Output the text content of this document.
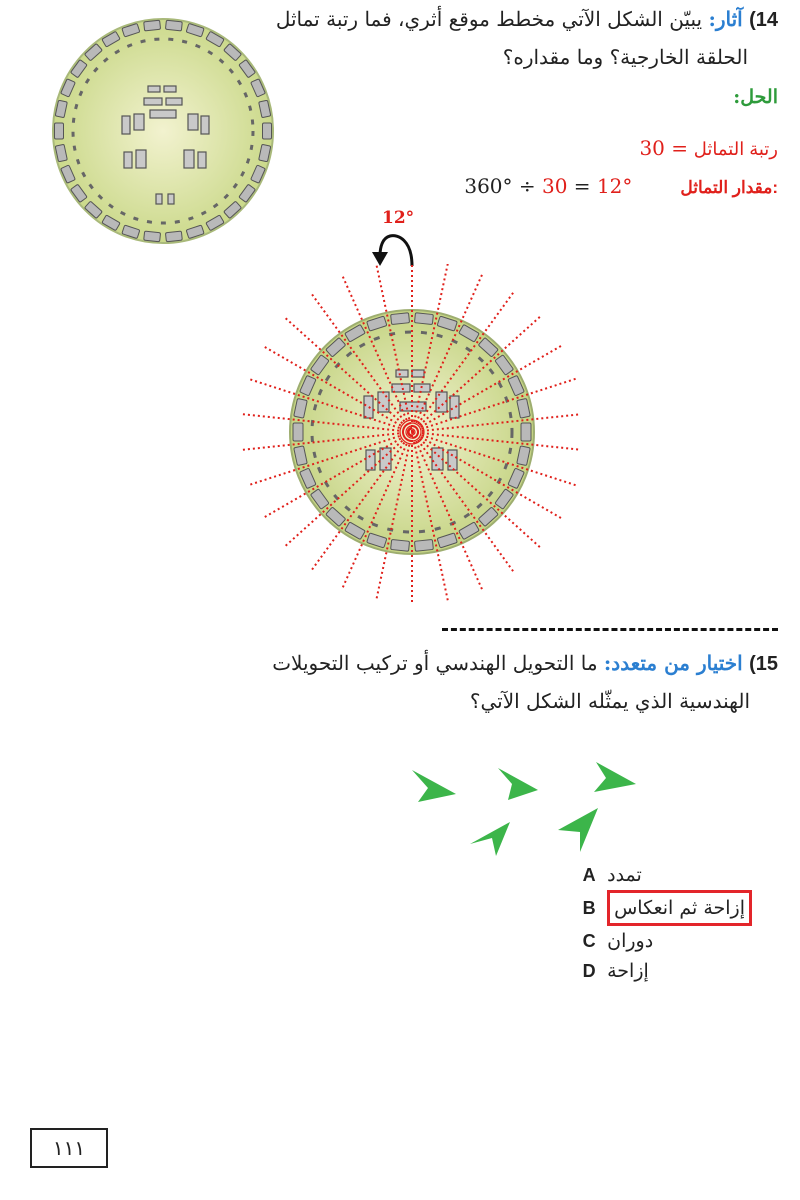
14) آثار: يبيّن الشكل الآتي مخطط موقع أثري، فما رتبة تماثل
الحلقة الخارجية؟ وما مقداره؟
الحل:
رتبة التماثل = 30
360° ÷ 30 = 12°	مقدار التماثل:
12°
15) اختيار من متعدد: ما التحويل الهندسي أو تركيب التحويلات
الهندسية الذي يمثّله الشكل الآتي؟
A تمدد
B إزاحة ثم انعكاس
C دوران
D إزاحة
١١١
